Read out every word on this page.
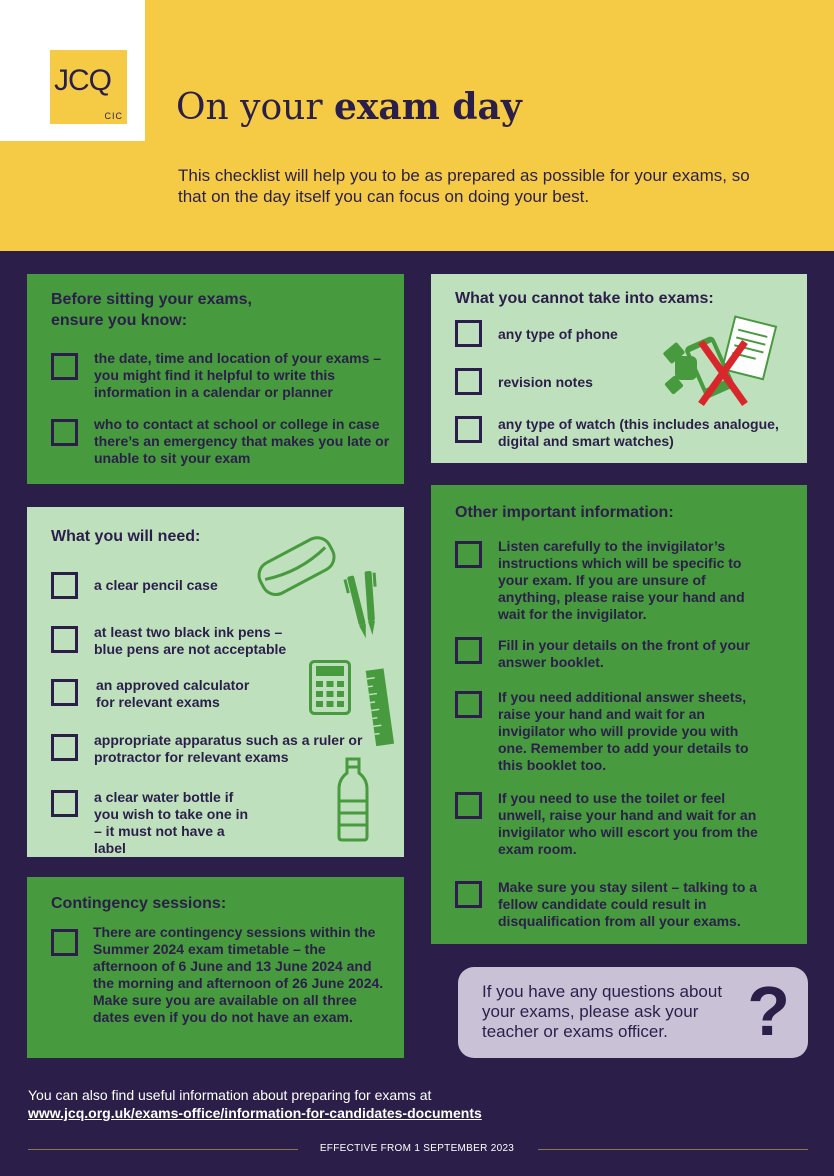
JCQ
CIC On your exam day

This checklist will help you to be as prepared as possible for your exams, so that on the day itself you can focus on doing your best.

Before sitting your exams,
ensure you know:
the date, time and location of your exams – you might find it helpful to write this information in a calendar or planner
who to contact at school or college in case there’s an emergency that makes you late or unable to sit your exam
What you will need:
a clear pencil case
at least two black ink pens – blue pens are not acceptable
an approved calculator for relevant exams
appropriate apparatus such as a ruler or protractor for relevant exams
a clear water bottle if you wish to take one in – it must not have a label
Contingency sessions:
There are contingency sessions within the Summer 2024 exam timetable – the afternoon of 6 June and 13 June 2024 and the morning and afternoon of 26 June 2024. Make sure you are available on all three dates even if you do not have an exam.
What you cannot take into exams:
any type of phone
revision notes
any type of watch (this includes analogue, digital and smart watches)
Other important information:
Listen carefully to the invigilator’s instructions which will be specific to your exam. If you are unsure of anything, please raise your hand and wait for the invigilator.
Fill in your details on the front of your answer booklet.
If you need additional answer sheets, raise your hand and wait for an invigilator who will provide you with one. Remember to add your details to this booklet too.
If you need to use the toilet or feel unwell, raise your hand and wait for an invigilator who will escort you from the exam room.
Make sure you stay silent – talking to a fellow candidate could result in disqualification from all your exams.
If you have any questions about your exams, please ask your teacher or exams officer.	?
You can also find useful information about preparing for exams at
www.jcq.org.uk/exams-office/information-for-candidates-documents
EFFECTIVE FROM 1 SEPTEMBER 2023
